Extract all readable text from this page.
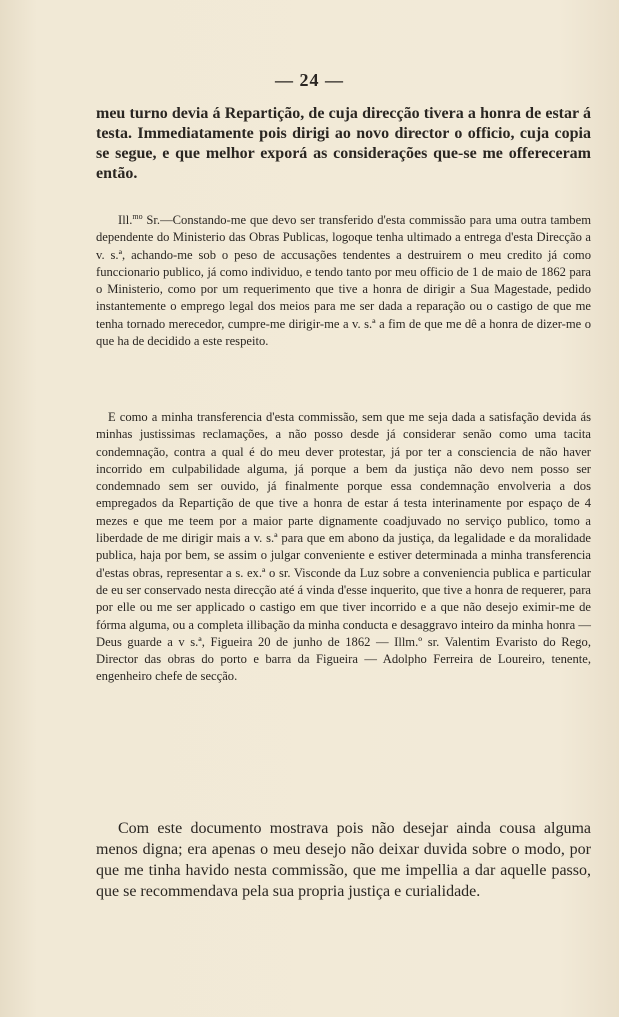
— 24 —

meu turno devia á Repartição, de cuja direcção tivera a honra de estar á testa. Immediatamente pois dirigi ao novo director o officio, cuja copia se segue, e que melhor exporá as considerações que-se me offereceram então.

Ill.$^{mo}$ Sr.—Constando-me que devo ser transferido d'esta commissão para uma outra tambem dependente do Ministerio das Obras Publicas, logoque tenha ultimado a entrega d'esta Direcção a v. s.ª, achando-me sob o peso de accusações tendentes a destruirem o meu credito já como funccionario publico, já como individuo, e tendo tanto por meu officio de 1 de maio de 1862 para o Ministerio, como por um requerimento que tive a honra de dirigir a Sua Magestade, pedido instantemente o emprego legal dos meios para me ser dada a reparação ou o castigo de que me tenha tornado merecedor, cumpre-me dirigir-me a v. s.ª a fim de que me dê a honra de dizer-me o que ha de decidido a este respeito.

E como a minha transferencia d'esta commissão, sem que me seja dada a satisfação devida ás minhas justissimas reclamações, a não posso desde já considerar senão como uma tacita condemnação, contra a qual é do meu dever protestar, já por ter a consciencia de não haver incorrido em culpabilidade alguma, já porque a bem da justiça não devo nem posso ser condemnado sem ser ouvido, já finalmente porque essa condemnação envolveria a dos empregados da Repartição de que tive a honra de estar á testa interinamente por espaço de 4 mezes e que me teem por a maior parte dignamente coadjuvado no serviço publico, tomo a liberdade de me dirigir mais a v. s.ª para que em abono da justiça, da legalidade e da moralidade publica, haja por bem, se assim o julgar conveniente e estiver determinada a minha transferencia d'estas obras, representar a s. ex.ª o sr. Visconde da Luz sobre a conveniencia publica e particular de eu ser conservado nesta direcção até á vinda d'esse inquerito, que tive a honra de requerer, para por elle ou me ser applicado o castigo em que tiver incorrido e a que não desejo eximir-me de fórma alguma, ou a completa illibação da minha conducta e desaggravo inteiro da minha honra —Deus guarde a v s.ª, Figueira 20 de junho de 1862 — Illm.º sr. Valentim Evaristo do Rego, Director das obras do porto e barra da Figueira — Adolpho Ferreira de Loureiro, tenente, engenheiro chefe de secção.

Com este documento mostrava pois não desejar ainda cousa alguma menos digna; era apenas o meu desejo não deixar duvida sobre o modo, por que me tinha havido nesta commissão, que me impellia a dar aquelle passo, que se recommendava pela sua propria justiça e curialidade.
